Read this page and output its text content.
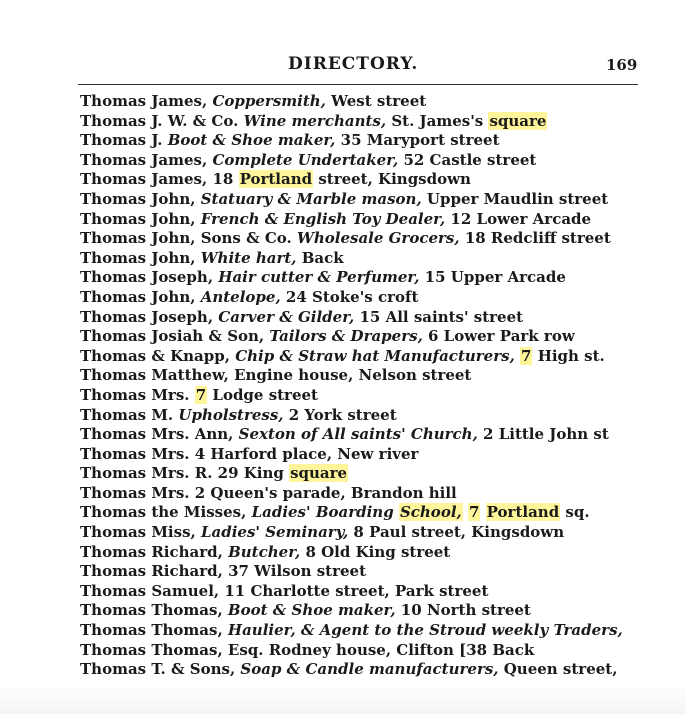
DIRECTORY.	169
Thomas James, Coppersmith, West street
Thomas J. W. & Co. Wine merchants, St. James's square
Thomas J. Boot & Shoe maker, 35 Maryport street
Thomas James, Complete Undertaker, 52 Castle street
Thomas James, 18 Portland street, Kingsdown
Thomas John, Statuary & Marble mason, Upper Maudlin street
Thomas John, French & English Toy Dealer, 12 Lower Arcade
Thomas John, Sons & Co. Wholesale Grocers, 18 Redcliff street
Thomas John, White hart, Back
Thomas Joseph, Hair cutter & Perfumer, 15 Upper Arcade
Thomas John, Antelope, 24 Stoke's croft
Thomas Joseph, Carver & Gilder, 15 All saints' street
Thomas Josiah & Son, Tailors & Drapers, 6 Lower Park row
Thomas & Knapp, Chip & Straw hat Manufacturers, 7 High st.
Thomas Matthew, Engine house, Nelson street
Thomas Mrs. 7 Lodge street
Thomas M. Upholstress, 2 York street
Thomas Mrs. Ann, Sexton of All saints' Church, 2 Little John st
Thomas Mrs. 4 Harford place, New river
Thomas Mrs. R. 29 King square
Thomas Mrs. 2 Queen's parade, Brandon hill
Thomas the Misses, Ladies' Boarding School, 7 Portland sq.
Thomas Miss, Ladies' Seminary, 8 Paul street, Kingsdown
Thomas Richard, Butcher, 8 Old King street
Thomas Richard, 37 Wilson street
Thomas Samuel, 11 Charlotte street, Park street
Thomas Thomas, Boot & Shoe maker, 10 North street
Thomas Thomas, Haulier, & Agent to the Stroud weekly Traders,
Thomas Thomas, Esq. Rodney house, Clifton [38 Back
Thomas T. & Sons, Soap & Candle manufacturers, Queen street,
